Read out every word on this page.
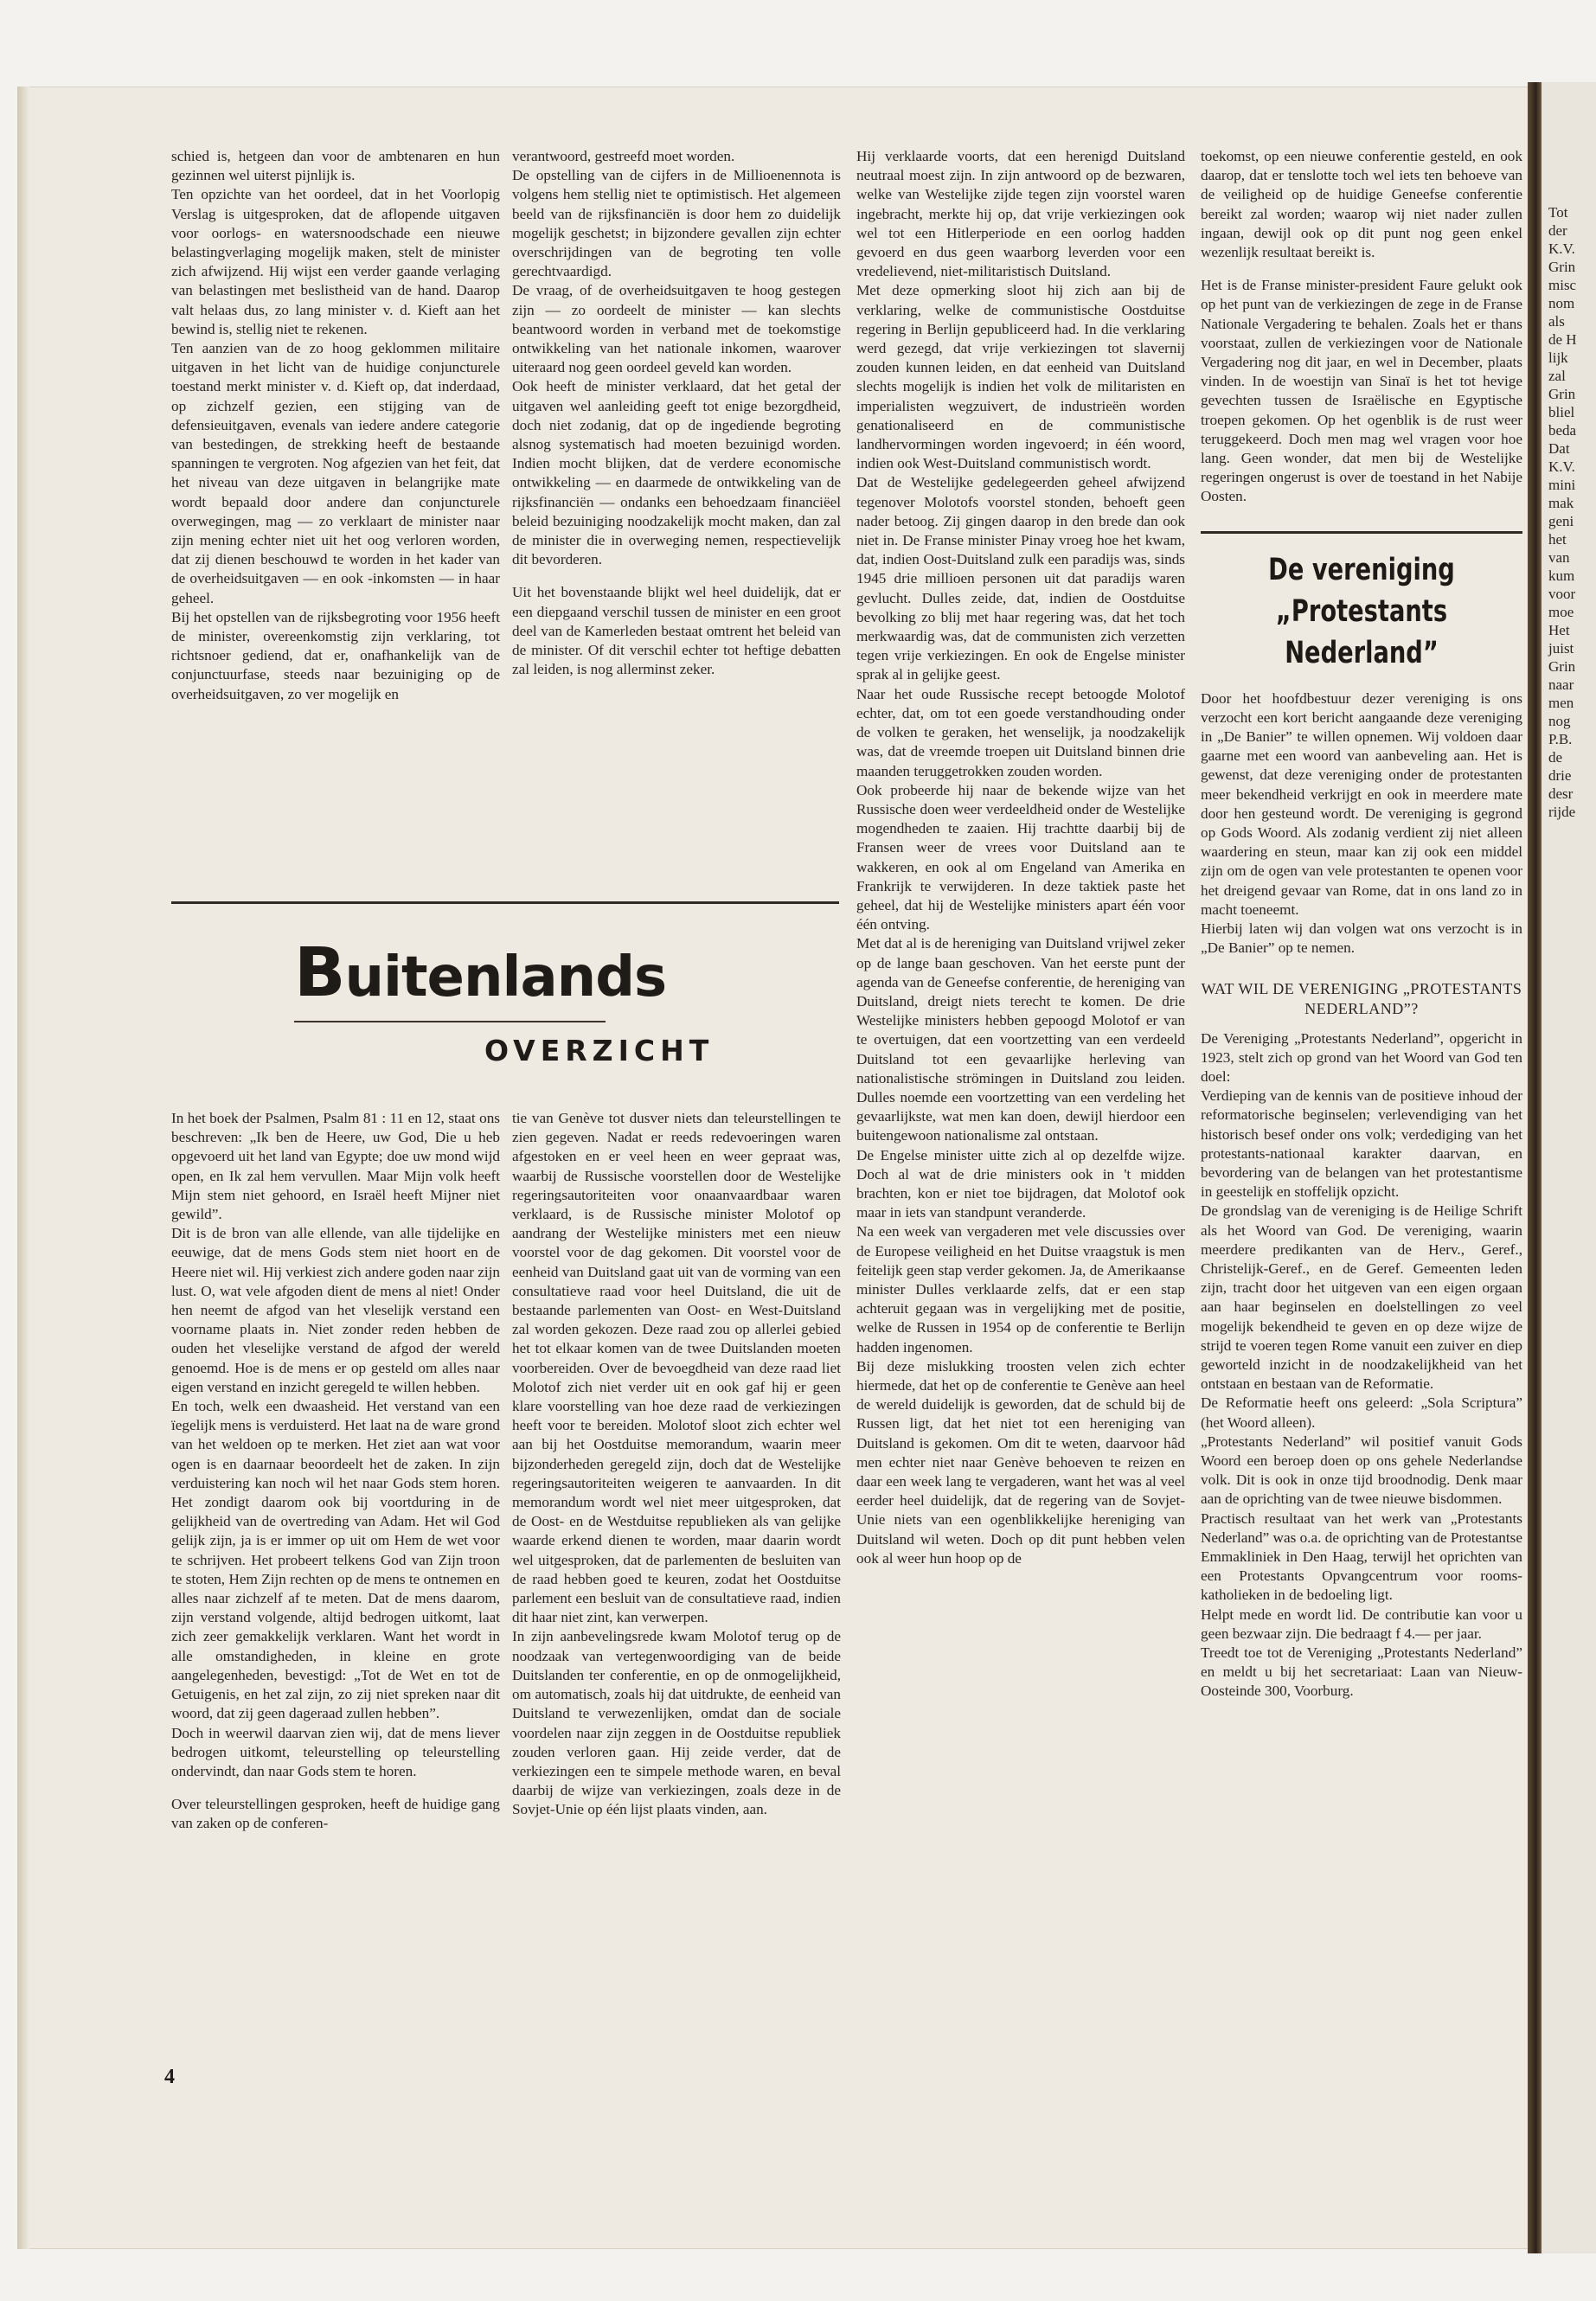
Tot
der
K.V.
Grin
misc
nom
als
de H
lijk
zal
Grin
bliel
beda
Dat
K.V.
mini
mak
geni
het
van
kum
voor
moe
Het
juist
Grin
naar
men
nog
P.B.
de
drie
desr
rijde

schied is, hetgeen dan voor de ambtenaren en hun gezinnen wel uiterst pijnlijk is.

Ten opzichte van het oordeel, dat in het Voorlopig Verslag is uitgesproken, dat de aflopende uitgaven voor oorlogs- en watersnoodschade een nieuwe belastingverlaging mogelijk maken, stelt de minister zich afwijzend. Hij wijst een verder gaande verlaging van belastingen met beslistheid van de hand. Daarop valt helaas dus, zo lang minister v. d. Kieft aan het bewind is, stellig niet te rekenen.

Ten aanzien van de zo hoog geklommen militaire uitgaven in het licht van de huidige conjuncturele toestand merkt minister v. d. Kieft op, dat inderdaad, op zichzelf gezien, een stijging van de defensieuitgaven, evenals van iedere andere categorie van bestedingen, de strekking heeft de bestaande spanningen te vergroten. Nog afgezien van het feit, dat het niveau van deze uitgaven in belangrijke mate wordt bepaald door andere dan conjuncturele overwegingen, mag — zo verklaart de minister naar zijn mening echter niet uit het oog verloren worden, dat zij dienen beschouwd te worden in het kader van de overheidsuitgaven — en ook -inkomsten — in haar geheel.

Bij het opstellen van de rijksbegroting voor 1956 heeft de minister, overeenkomstig zijn verklaring, tot richtsnoer gediend, dat er, onafhankelijk van de conjunctuurfase, steeds naar bezuiniging op de overheidsuitgaven, zo ver mogelijk en

verantwoord, gestreefd moet worden.

De opstelling van de cijfers in de Millioenennota is volgens hem stellig niet te optimistisch. Het algemeen beeld van de rijksfinanciën is door hem zo duidelijk mogelijk geschetst; in bijzondere gevallen zijn echter overschrijdingen van de begroting ten volle gerechtvaardigd.

De vraag, of de overheidsuitgaven te hoog gestegen zijn — zo oordeelt de minister — kan slechts beantwoord worden in verband met de toekomstige ontwikkeling van het nationale inkomen, waarover uiteraard nog geen oordeel geveld kan worden.

Ook heeft de minister verklaard, dat het getal der uitgaven wel aanleiding geeft tot enige bezorgdheid, doch niet zodanig, dat op de ingediende begroting alsnog systematisch had moeten bezuinigd worden. Indien mocht blijken, dat de verdere economische ontwikkeling — en daarmede de ontwikkeling van de rijksfinanciën — ondanks een behoedzaam financiëel beleid bezuiniging noodzakelijk mocht maken, dan zal de minister die in overweging nemen, respectievelijk dit bevorderen.

Uit het bovenstaande blijkt wel heel duidelijk, dat er een diepgaand verschil tussen de minister en een groot deel van de Kamerleden bestaat omtrent het beleid van de minister. Of dit verschil echter tot heftige debatten zal leiden, is nog allerminst zeker.

Buitenlands
OVERZICHT

In het boek der Psalmen, Psalm 81 : 11 en 12, staat ons beschreven: „Ik ben de Heere, uw God, Die u heb opgevoerd uit het land van Egypte; doe uw mond wijd open, en Ik zal hem vervullen. Maar Mijn volk heeft Mijn stem niet gehoord, en Israël heeft Mijner niet gewild”.

Dit is de bron van alle ellende, van alle tijdelijke en eeuwige, dat de mens Gods stem niet hoort en de Heere niet wil. Hij verkiest zich andere goden naar zijn lust. O, wat vele afgoden dient de mens al niet! Onder hen neemt de afgod van het vleselijk verstand een voorname plaats in. Niet zonder reden hebben de ouden het vleselijke verstand de afgod der wereld genoemd. Hoe is de mens er op gesteld om alles naar eigen verstand en inzicht geregeld te willen hebben.

En toch, welk een dwaasheid. Het verstand van een ïegelijk mens is verduisterd. Het laat na de ware grond van het weldoen op te merken. Het ziet aan wat voor ogen is en daarnaar beoordeelt het de zaken. In zijn verduistering kan noch wil het naar Gods stem horen. Het zondigt daarom ook bij voortduring in de gelijkheid van de overtreding van Adam. Het wil God gelijk zijn, ja is er immer op uit om Hem de wet voor te schrijven. Het probeert telkens God van Zijn troon te stoten, Hem Zijn rechten op de mens te ontnemen en alles naar zichzelf af te meten. Dat de mens daarom, zijn verstand volgende, altijd bedrogen uitkomt, laat zich zeer gemakkelijk verklaren. Want het wordt in alle omstandigheden, in kleine en grote aangelegenheden, bevestigd: „Tot de Wet en tot de Getuigenis, en het zal zijn, zo zij niet spreken naar dit woord, dat zij geen dageraad zullen hebben”.

Doch in weerwil daarvan zien wij, dat de mens liever bedrogen uitkomt, teleurstelling op teleurstelling ondervindt, dan naar Gods stem te horen.

Over teleurstellingen gesproken, heeft de huidige gang van zaken op de conferen-

tie van Genève tot dusver niets dan teleurstellingen te zien gegeven. Nadat er reeds redevoeringen waren afgestoken en er veel heen en weer gepraat was, waarbij de Russische voorstellen door de Westelijke regeringsautoriteiten voor onaanvaardbaar waren verklaard, is de Russische minister Molotof op aandrang der Westelijke ministers met een nieuw voorstel voor de dag gekomen. Dit voorstel voor de eenheid van Duitsland gaat uit van de vorming van een consultatieve raad voor heel Duitsland, die uit de bestaande parlementen van Oost- en West-Duitsland zal worden gekozen. Deze raad zou op allerlei gebied het tot elkaar komen van de twee Duitslanden moeten voorbereiden. Over de bevoegdheid van deze raad liet Molotof zich niet verder uit en ook gaf hij er geen klare voorstelling van hoe deze raad de verkiezingen heeft voor te bereiden. Molotof sloot zich echter wel aan bij het Oostduitse memorandum, waarin meer bijzonderheden geregeld zijn, doch dat de Westelijke regeringsautoriteiten weigeren te aanvaarden. In dit memorandum wordt wel niet meer uitgesproken, dat de Oost- en de Westduitse republieken als van gelijke waarde erkend dienen te worden, maar daarin wordt wel uitgesproken, dat de parlementen de besluiten van de raad hebben goed te keuren, zodat het Oostduitse parlement een besluit van de consultatieve raad, indien dit haar niet zint, kan verwerpen.

In zijn aanbevelingsrede kwam Molotof terug op de noodzaak van vertegenwoordiging van de beide Duitslanden ter conferentie, en op de onmogelijkheid, om automatisch, zoals hij dat uitdrukte, de eenheid van Duitsland te verwezenlijken, omdat dan de sociale voordelen naar zijn zeggen in de Oostduitse republiek zouden verloren gaan. Hij zeide verder, dat de verkiezingen een te simpele methode waren, en beval daarbij de wijze van verkiezingen, zoals deze in de Sovjet-Unie op één lijst plaats vinden, aan.

Hij verklaarde voorts, dat een herenigd Duitsland neutraal moest zijn. In zijn antwoord op de bezwaren, welke van Westelijke zijde tegen zijn voorstel waren ingebracht, merkte hij op, dat vrije verkiezingen ook wel tot een Hitlerperiode en een oorlog hadden gevoerd en dus geen waarborg leverden voor een vredelievend, niet-militaristisch Duitsland.

Met deze opmerking sloot hij zich aan bij de verklaring, welke de communistische Oostduitse regering in Berlijn gepubliceerd had. In die verklaring werd gezegd, dat vrije verkiezingen tot slavernij zouden kunnen leiden, en dat eenheid van Duitsland slechts mogelijk is indien het volk de militaristen en imperialisten wegzuivert, de industrieën worden genationaliseerd en de communistische landhervormingen worden ingevoerd; in één woord, indien ook West-Duitsland communistisch wordt.

Dat de Westelijke gedelegeerden geheel afwijzend tegenover Molotofs voorstel stonden, behoeft geen nader betoog. Zij gingen daarop in den brede dan ook niet in. De Franse minister Pinay vroeg hoe het kwam, dat, indien Oost-Duitsland zulk een paradijs was, sinds 1945 drie millioen personen uit dat paradijs waren gevlucht. Dulles zeide, dat, indien de Oostduitse bevolking zo blij met haar regering was, dat het toch merkwaardig was, dat de communisten zich verzetten tegen vrije verkiezingen. En ook de Engelse minister sprak al in gelijke geest.

Naar het oude Russische recept betoogde Molotof echter, dat, om tot een goede verstandhouding onder de volken te geraken, het wenselijk, ja noodzakelijk was, dat de vreemde troepen uit Duitsland binnen drie maanden teruggetrokken zouden worden.

Ook probeerde hij naar de bekende wijze van het Russische doen weer verdeeldheid onder de Westelijke mogendheden te zaaien. Hij trachtte daarbij bij de Fransen weer de vrees voor Duitsland aan te wakkeren, en ook al om Engeland van Amerika en Frankrijk te verwijderen. In deze taktiek paste het geheel, dat hij de Westelijke ministers apart één voor één ontving.

Met dat al is de hereniging van Duitsland vrijwel zeker op de lange baan geschoven. Van het eerste punt der agenda van de Geneefse conferentie, de hereniging van Duitsland, dreigt niets terecht te komen. De drie Westelijke ministers hebben gepoogd Molotof er van te overtuigen, dat een voortzetting van een verdeeld Duitsland tot een gevaarlijke herleving van nationalistische strömingen in Duitsland zou leiden. Dulles noemde een voortzetting van een verdeling het gevaarlijkste, wat men kan doen, dewijl hierdoor een buitengewoon nationalisme zal ontstaan.

De Engelse minister uitte zich al op dezelfde wijze. Doch al wat de drie ministers ook in 't midden brachten, kon er niet toe bijdragen, dat Molotof ook maar in iets van standpunt veranderde.

Na een week van vergaderen met vele discussies over de Europese veiligheid en het Duitse vraagstuk is men feitelijk geen stap verder gekomen. Ja, de Amerikaanse minister Dulles verklaarde zelfs, dat er een stap achteruit gegaan was in vergelijking met de positie, welke de Russen in 1954 op de conferentie te Berlijn hadden ingenomen.

Bij deze mislukking troosten velen zich echter hiermede, dat het op de conferentie te Genève aan heel de wereld duidelijk is geworden, dat de schuld bij de Russen ligt, dat het niet tot een hereniging van Duitsland is gekomen. Om dit te weten, daarvoor hâd men echter niet naar Genève behoeven te reizen en daar een week lang te vergaderen, want het was al veel eerder heel duidelijk, dat de regering van de Sovjet-Unie niets van een ogenblikkelijke hereniging van Duitsland wil weten. Doch op dit punt hebben velen ook al weer hun hoop op de

toekomst, op een nieuwe conferentie gesteld, en ook daarop, dat er tenslotte toch wel iets ten behoeve van de veiligheid op de huidige Geneefse conferentie bereikt zal worden; waarop wij niet nader zullen ingaan, dewijl ook op dit punt nog geen enkel wezenlijk resultaat bereikt is.

Het is de Franse minister-president Faure gelukt ook op het punt van de verkiezingen de zege in de Franse Nationale Vergadering te behalen. Zoals het er thans voorstaat, zullen de verkiezingen voor de Nationale Vergadering nog dit jaar, en wel in December, plaats vinden. In de woestijn van Sinaï is het tot hevige gevechten tussen de Israëlische en Egyptische troepen gekomen. Op het ogenblik is de rust weer teruggekeerd. Doch men mag wel vragen voor hoe lang. Geen wonder, dat men bij de Westelijke regeringen ongerust is over de toestand in het Nabije Oosten.

De vereniging „Protestants Nederland”

Door het hoofdbestuur dezer vereniging is ons verzocht een kort bericht aangaande deze vereniging in „De Banier” te willen opnemen. Wij voldoen daar gaarne met een woord van aanbeveling aan. Het is gewenst, dat deze vereniging onder de protestanten meer bekendheid verkrijgt en ook in meerdere mate door hen gesteund wordt. De vereniging is gegrond op Gods Woord. Als zodanig verdient zij niet alleen waardering en steun, maar kan zij ook een middel zijn om de ogen van vele protestanten te openen voor het dreigend gevaar van Rome, dat in ons land zo in macht toeneemt.

Hierbij laten wij dan volgen wat ons verzocht is in „De Banier” op te nemen.

WAT WIL DE VERENIGING „PROTESTANTS NEDERLAND”?

De Vereniging „Protestants Nederland”, opgericht in 1923, stelt zich op grond van het Woord van God ten doel:

Verdieping van de kennis van de positieve inhoud der reformatorische beginselen; verlevendiging van het historisch besef onder ons volk; verdediging van het protestants-nationaal karakter daarvan, en bevordering van de belangen van het protestantisme in geestelijk en stoffelijk opzicht.

De grondslag van de vereniging is de Heilige Schrift als het Woord van God. De vereniging, waarin meerdere predikanten van de Herv., Geref., Christelijk-Geref., en de Geref. Gemeenten leden zijn, tracht door het uitgeven van een eigen orgaan aan haar beginselen en doelstellingen zo veel mogelijk bekendheid te geven en op deze wijze de strijd te voeren tegen Rome vanuit een zuiver en diep geworteld inzicht in de noodzakelijkheid van het ontstaan en bestaan van de Reformatie.

De Reformatie heeft ons geleerd: „Sola Scriptura” (het Woord alleen).

„Protestants Nederland” wil positief vanuit Gods Woord een beroep doen op ons gehele Nederlandse volk. Dit is ook in onze tijd broodnodig. Denk maar aan de oprichting van de twee nieuwe bisdommen.

Practisch resultaat van het werk van „Protestants Nederland” was o.a. de oprichting van de Protestantse Emmakliniek in Den Haag, terwijl het oprichten van een Protestants Opvangcentrum voor rooms-katholieken in de bedoeling ligt.

Helpt mede en wordt lid. De contributie kan voor u geen bezwaar zijn. Die bedraagt f 4.— per jaar.

Treedt toe tot de Vereniging „Protestants Nederland” en meldt u bij het secretariaat: Laan van Nieuw-Oosteinde 300, Voorburg.

4
